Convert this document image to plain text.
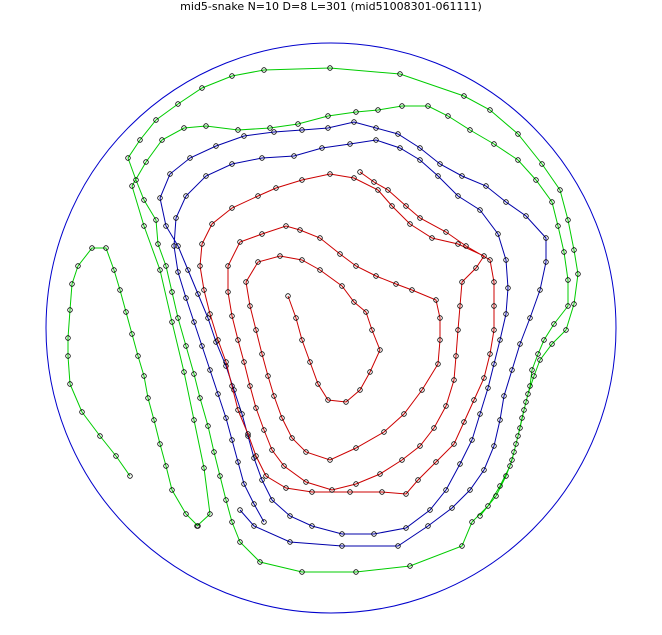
mid5-snake N=10 D=8 L=301 (mid51008301-061111)
